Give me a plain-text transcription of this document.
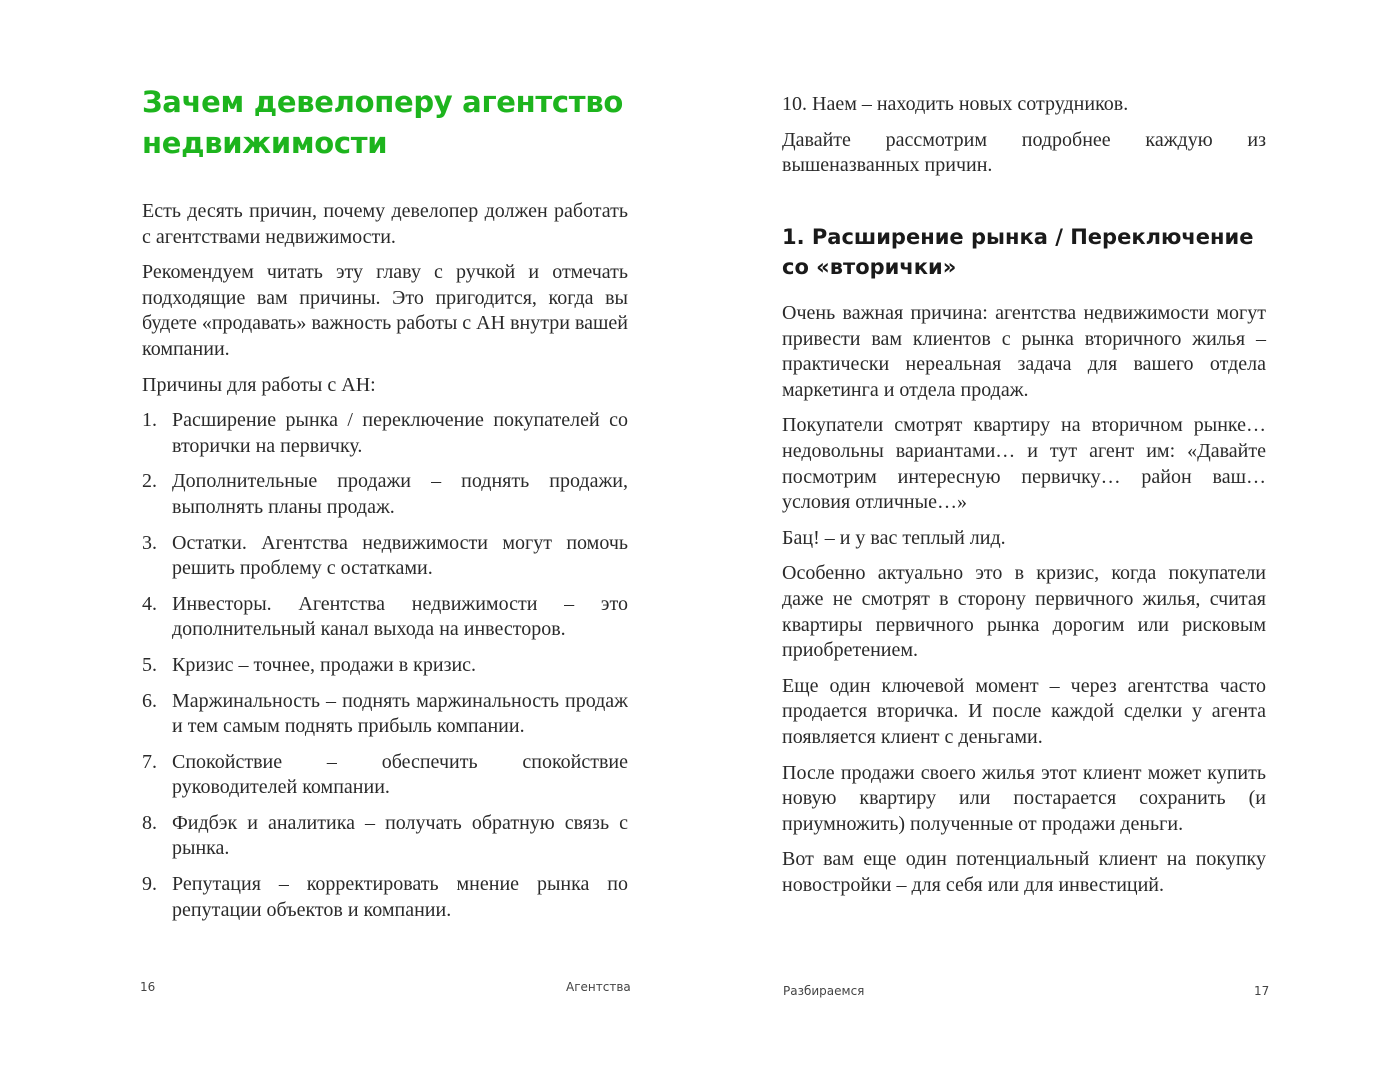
Зачем девелоперу агентство недвижимости

Есть десять причин, почему девелопер должен работать с агентствами недвижимости.

Рекомендуем читать эту главу с ручкой и отмечать подходящие вам причины. Это пригодится, когда вы будете «продавать» важность работы с АН внутри вашей компании.

Причины для работы с АН:

1. Расширение рынка / переключение покупателей со вторички на первичку.
2. Дополнительные продажи – поднять продажи, выполнять планы продаж.
3. Остатки. Агентства недвижимости могут помочь решить проблему с остатками.
4. Инвесторы. Агентства недвижимости – это дополнительный канал выхода на инвесторов.
5. Кризис – точнее, продажи в кризис.
6. Маржинальность – поднять маржинальность продаж и тем самым поднять прибыль компании.
7. Спокойствие – обеспечить спокойствие руководителей компании.
8. Фидбэк и аналитика – получать обратную связь с рынка.
9. Репутация – корректировать мнение рынка по репутации объектов и компании.
16	Агентства

10. Наем – находить новых сотрудников.

Давайте рассмотрим подробнее каждую из вышеназванных причин.

1. Расширение рынка / Переключение со «вторички»

Очень важная причина: агентства недвижимости могут привести вам клиентов с рынка вторичного жилья – практически нереальная задача для вашего отдела маркетинга и отдела продаж.

Покупатели смотрят квартиру на вторичном рынке… недовольны вариантами… и тут агент им: «Давайте посмотрим интересную первичку… район ваш… условия отличные…»

Бац! – и у вас теплый лид.

Особенно актуально это в кризис, когда покупатели даже не смотрят в сторону первичного жилья, считая квартиры первичного рынка дорогим или рисковым приобретением.

Еще один ключевой момент – через агентства часто продается вторичка. И после каждой сделки у агента появляется клиент с деньгами.

После продажи своего жилья этот клиент может купить новую квартиру или постарается сохранить (и приумножить) полученные от продажи деньги.

Вот вам еще один потенциальный клиент на покупку новостройки – для себя или для инвестиций.

Разбираемся	17
